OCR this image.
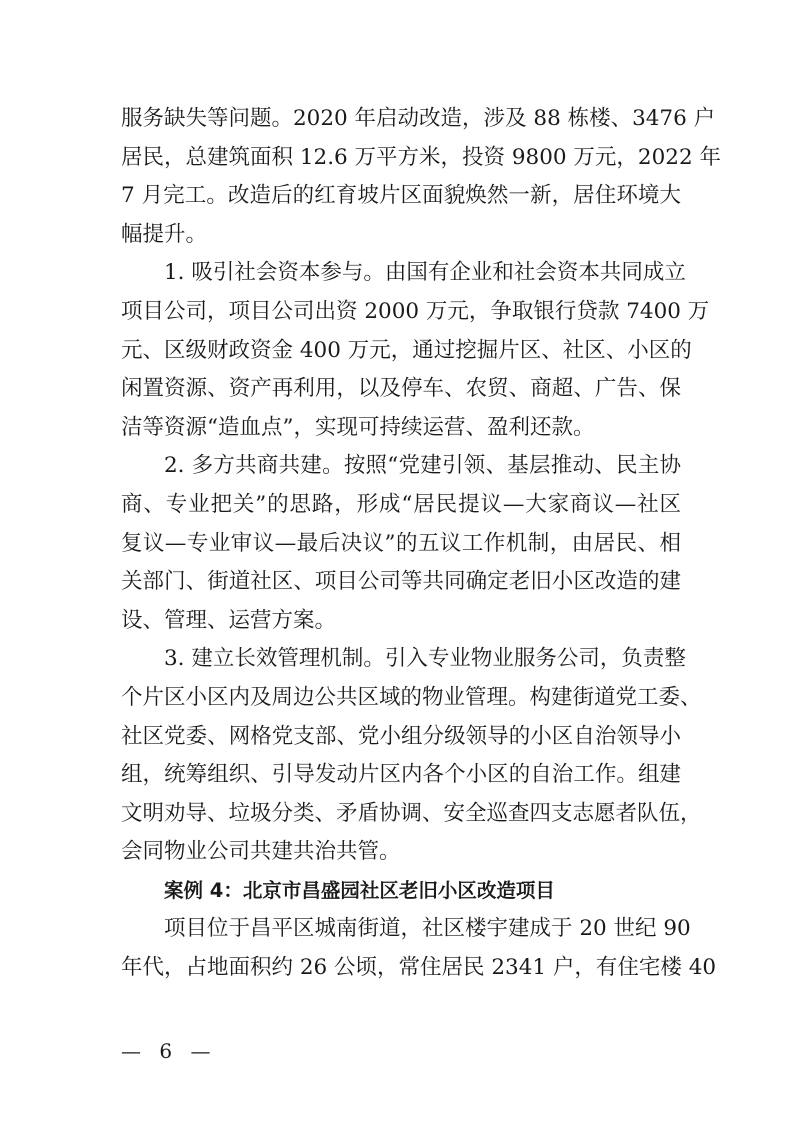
服务缺失等问题。2020 年启动改造，涉及 88 栋楼、3476 户
居民，总建筑面积 12.6 万平方米，投资 9800 万元，2022 年
7 月完工。改造后的红育坡片区面貌焕然一新，居住环境大
幅提升。
1. 吸引社会资本参与。由国有企业和社会资本共同成立
项目公司，项目公司出资 2000 万元，争取银行贷款 7400 万
元、区级财政资金 400 万元，通过挖掘片区、社区、小区的
闲置资源、资产再利用，以及停车、农贸、商超、广告、保
洁等资源“造血点”，实现可持续运营、盈利还款。
2. 多方共商共建。按照“党建引领、基层推动、民主协
商、专业把关”的思路，形成“居民提议—大家商议—社区
复议—专业审议—最后决议”的五议工作机制，由居民、相
关部门、街道社区、项目公司等共同确定老旧小区改造的建
设、管理、运营方案。
3. 建立长效管理机制。引入专业物业服务公司，负责整
个片区小区内及周边公共区域的物业管理。构建街道党工委、
社区党委、网格党支部、党小组分级领导的小区自治领导小
组，统筹组织、引导发动片区内各个小区的自治工作。组建
文明劝导、垃圾分类、矛盾协调、安全巡查四支志愿者队伍，
会同物业公司共建共治共管。
案例 4：北京市昌盛园社区老旧小区改造项目
项目位于昌平区城南街道，社区楼宇建成于 20 世纪 90
年代，占地面积约 26 公顷，常住居民 2341 户，有住宅楼 40
— 6 —
